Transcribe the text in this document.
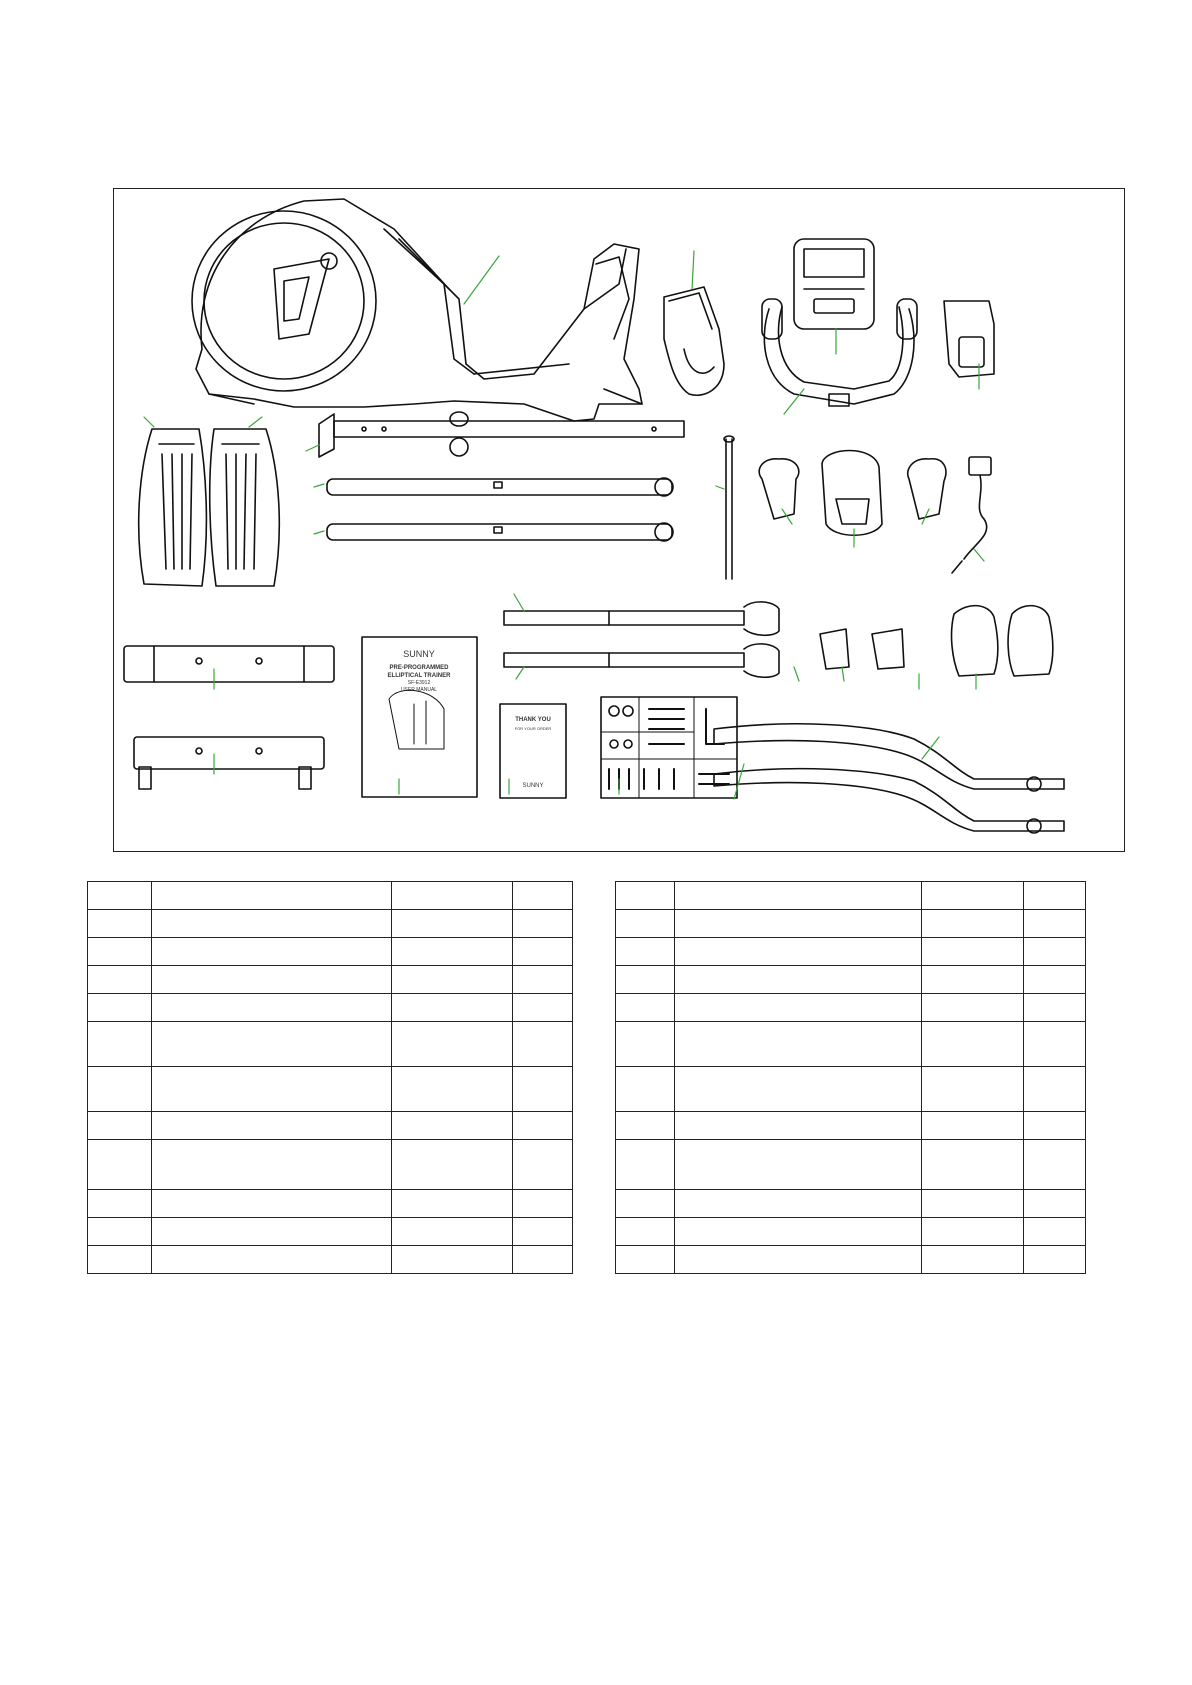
SUNNY
PRE-PROGRAMMED
ELLIPTICAL TRAINER
SF-E3912
USER MANUAL
THANK YOU
FOR YOUR ORDER
SUNNY
